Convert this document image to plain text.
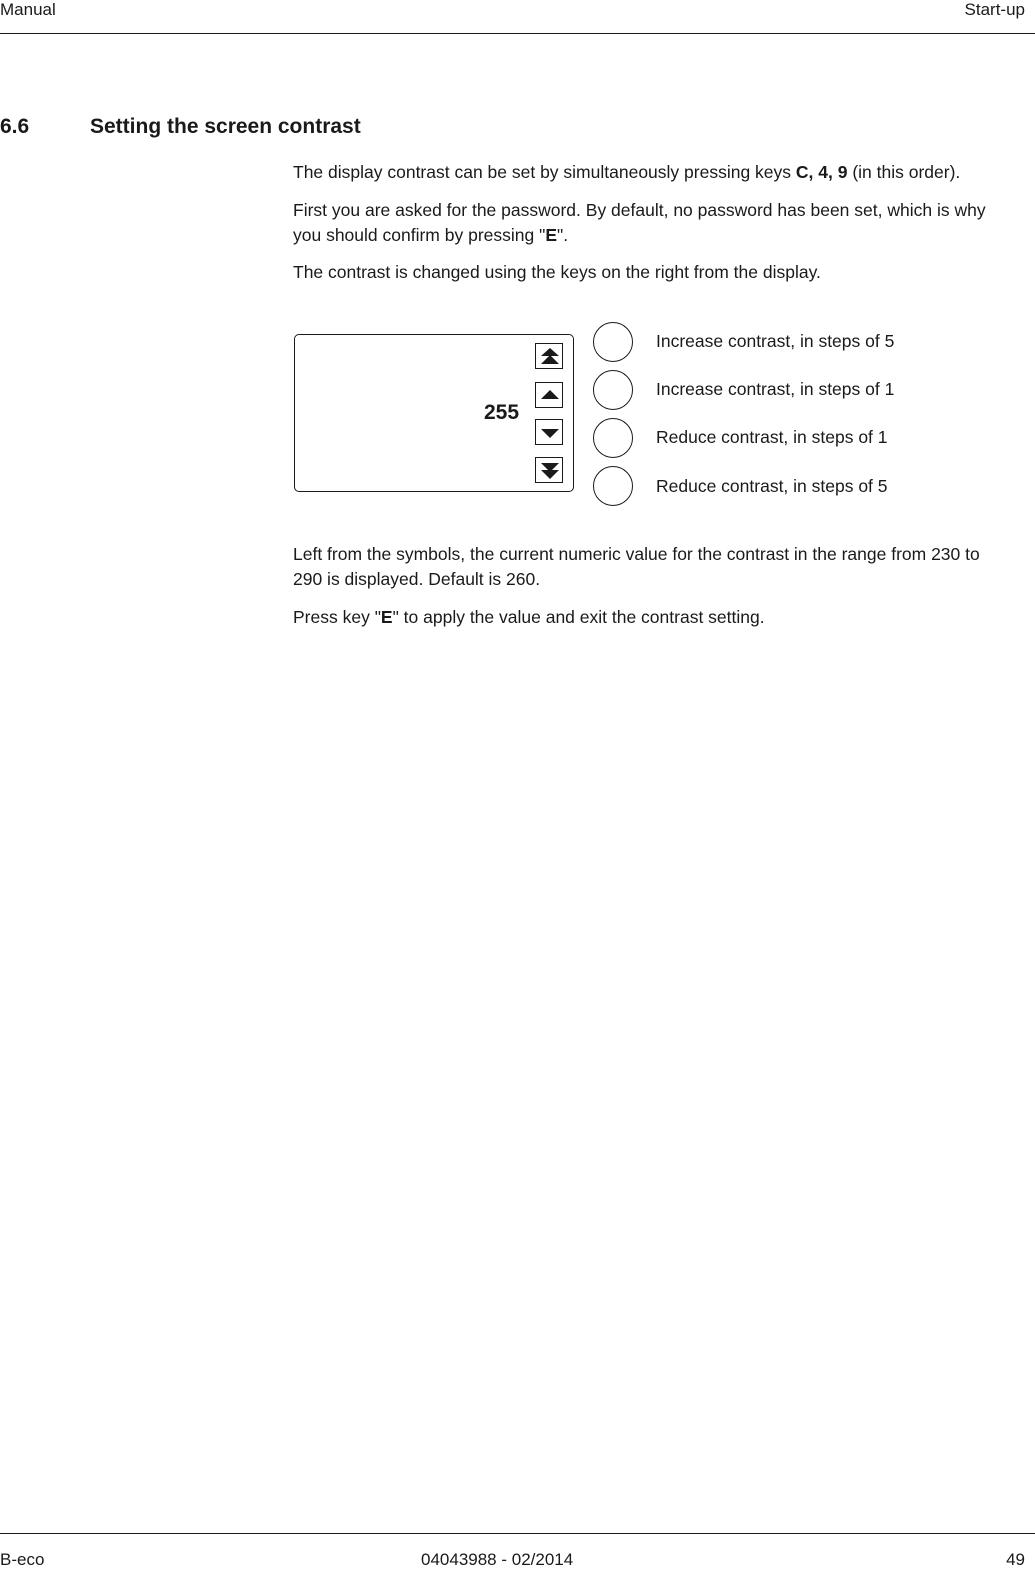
Manual	Start-up
6.6	Setting the screen contrast

The display contrast can be set by simultaneously pressing keys C, 4, 9 (in this order).

First you are asked for the password. By default, no password has been set, which is why you should confirm by pressing "E".

The contrast is changed using the keys on the right from the display.

255
Increase contrast, in steps of 5
Increase contrast, in steps of 1
Reduce contrast, in steps of 1
Reduce contrast, in steps of 5

Left from the symbols, the current numeric value for the contrast in the range from 230 to 290 is displayed. Default is 260.

Press key "E" to apply the value and exit the contrast setting.

B-eco	04043988 - 02/2014	49
